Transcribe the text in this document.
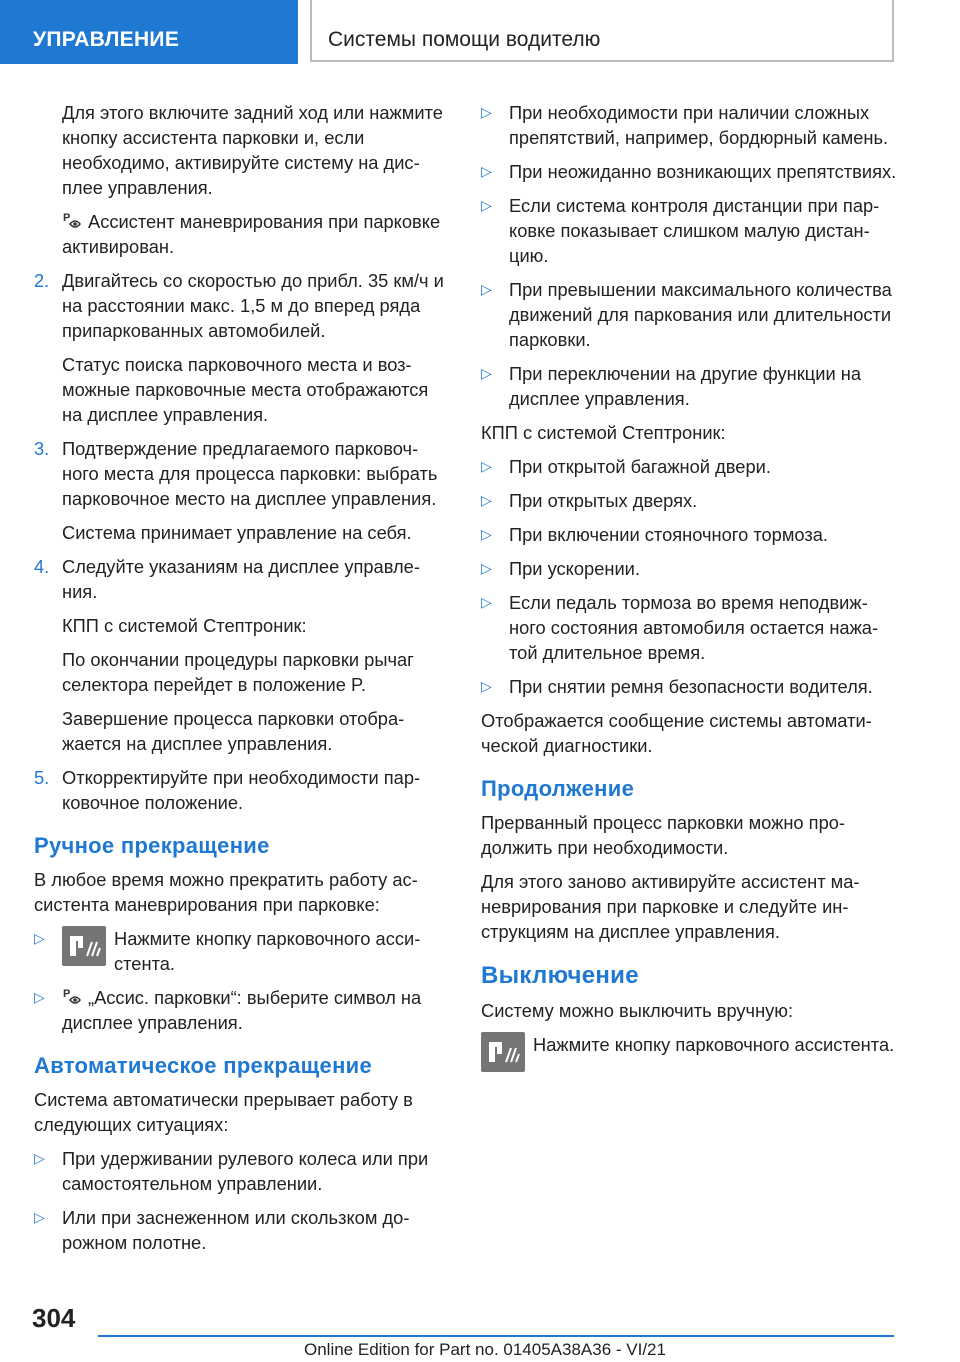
УПРАВЛЕНИЕ	Системы помощи водителю

Для этого включите задний ход или нажмите кнопку ассистента парковки и, если необходимо, активируйте систему на дисплее управления.

P Ассистент маневрирования при парковке активирован.

2. Двигайтесь со скоростью до прибл. 35 км/ч и на расстоянии макс. 1,5 м до вперед ряда припаркованных автомобилей.

Статус поиска парковочного места и возможные парковочные места отображаются на дисплее управления.

3. Подтверждение предлагаемого парковочного места для процесса парковки: выбрать парковочное место на дисплее управления.

Система принимает управление на себя.

4. Следуйте указаниям на дисплее управления.

КПП с системой Стептроник:

По окончании процедуры парковки рычаг селектора перейдет в положение P.

Завершение процесса парковки отображается на дисплее управления.

5. Откорректируйте при необходимости парковочное положение.

Ручное прекращение

В любое время можно прекратить работу ассистента маневрирования при парковке:

▷	Нажмите кнопку парковочного ассистента.
▷ P „Ассис. парковки“: выберите символ на дисплее управления.
Автоматическое прекращение

Система автоматически прерывает работу в следующих ситуациях:

▷ При удерживании рулевого колеса или при самостоятельном управлении.

▷ Или при заснеженном или скользком дорожном полотне.

▷ При необходимости при наличии сложных препятствий, например, бордюрный камень.

▷ При неожиданно возникающих препятствиях.

▷ Если система контроля дистанции при парковке показывает слишком малую дистанцию.

▷ При превышении максимального количества движений для паркования или длительности парковки.

▷ При переключении на другие функции на дисплее управления.

КПП с системой Стептроник:

▷ При открытой багажной двери.

▷ При открытых дверях.

▷ При включении стояночного тормоза.

▷ При ускорении.

▷ Если педаль тормоза во время неподвижного состояния автомобиля остается нажатой длительное время.

▷ При снятии ремня безопасности водителя.

Отображается сообщение системы автоматической диагностики.

Продолжение

Прерванный процесс парковки можно продолжить при необходимости.

Для этого заново активируйте ассистент маневрирования при парковке и следуйте инструкциям на дисплее управления.

Выключение

Систему можно выключить вручную:

Нажмите кнопку парковочного ассистента.
304
Online Edition for Part no. 01405A38A36 - VI/21
